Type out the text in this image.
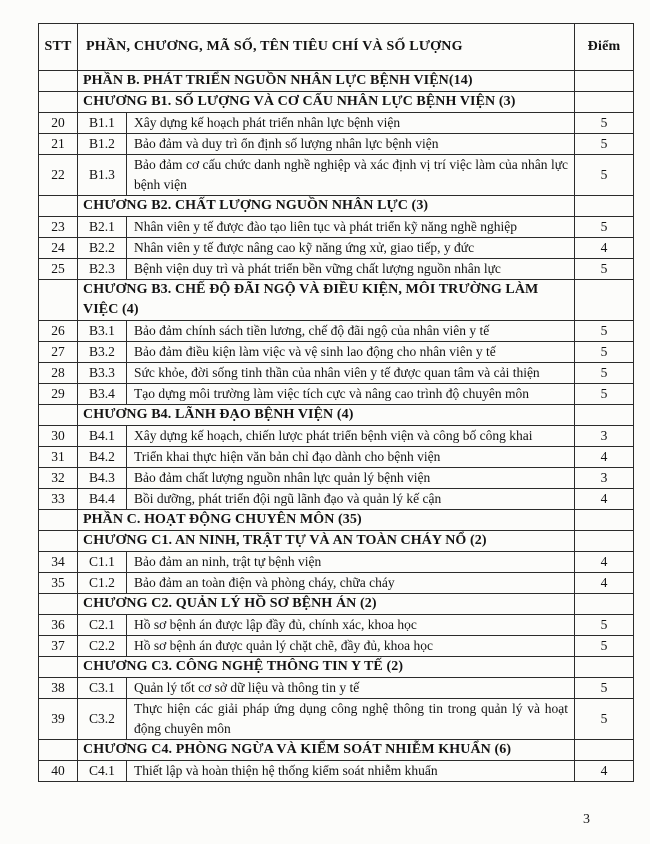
STT	PHẦN, CHƯƠNG, MÃ SỐ, TÊN TIÊU CHÍ VÀ SỐ LƯỢNG		Điểm
	PHẦN B. PHÁT TRIỂN NGUỒN NHÂN LỰC BỆNH VIỆN(14)		
	CHƯƠNG B1. SỐ LƯỢNG VÀ CƠ CẤU NHÂN LỰC BỆNH VIỆN (3)		
20	B1.1	Xây dựng kế hoạch phát triển nhân lực bệnh viện	5
21	B1.2	Bảo đảm và duy trì ổn định số lượng nhân lực bệnh viện	5
22	B1.3	Bảo đảm cơ cấu chức danh nghề nghiệp và xác định vị trí việc làm của nhân lực bệnh viện	5
	CHƯƠNG B2. CHẤT LƯỢNG NGUỒN NHÂN LỰC (3)		
23	B2.1	Nhân viên y tế được đào tạo liên tục và phát triển kỹ năng nghề nghiệp	5
24	B2.2	Nhân viên y tế được nâng cao kỹ năng ứng xử, giao tiếp, y đức	4
25	B2.3	Bệnh viện duy trì và phát triển bền vững chất lượng nguồn nhân lực	5
	CHƯƠNG B3. CHẾ ĐỘ ĐÃI NGỘ VÀ ĐIỀU KIỆN, MÔI TRƯỜNG LÀM VIỆC (4)		
26	B3.1	Bảo đảm chính sách tiền lương, chế độ đãi ngộ của nhân viên y tế	5
27	B3.2	Bảo đảm điều kiện làm việc và vệ sinh lao động cho nhân viên y tế	5
28	B3.3	Sức khỏe, đời sống tinh thần của nhân viên y tế được quan tâm và cải thiện	5
29	B3.4	Tạo dựng môi trường làm việc tích cực và nâng cao trình độ chuyên môn	5
	CHƯƠNG B4. LÃNH ĐẠO BỆNH VIỆN (4)		
30	B4.1	Xây dựng kế hoạch, chiến lược phát triển bệnh viện và công bố công khai	3
31	B4.2	Triển khai thực hiện văn bản chỉ đạo dành cho bệnh viện	4
32	B4.3	Bảo đảm chất lượng nguồn nhân lực quản lý bệnh viện	3
33	B4.4	Bồi dưỡng, phát triển đội ngũ lãnh đạo và quản lý kế cận	4
	PHẦN C. HOẠT ĐỘNG CHUYÊN MÔN (35)		
	CHƯƠNG C1. AN NINH, TRẬT TỰ VÀ AN TOÀN CHÁY NỔ (2)		
34	C1.1	Bảo đảm an ninh, trật tự bệnh viện	4
35	C1.2	Bảo đảm an toàn điện và phòng cháy, chữa cháy	4
	CHƯƠNG C2. QUẢN LÝ HỒ SƠ BỆNH ÁN (2)		
36	C2.1	Hồ sơ bệnh án được lập đầy đủ, chính xác, khoa học	5
37	C2.2	Hồ sơ bệnh án được quản lý chặt chẽ, đầy đủ, khoa học	5
	CHƯƠNG C3. CÔNG NGHỆ THÔNG TIN Y TẾ (2)		
38	C3.1	Quản lý tốt cơ sở dữ liệu và thông tin y tế	5
39	C3.2	Thực hiện các giải pháp ứng dụng công nghệ thông tin trong quản lý và hoạt động chuyên môn	5
	CHƯƠNG C4. PHÒNG NGỪA VÀ KIỂM SOÁT NHIỄM KHUẨN (6)		
40	C4.1	Thiết lập và hoàn thiện hệ thống kiểm soát nhiễm khuẩn	4
3
